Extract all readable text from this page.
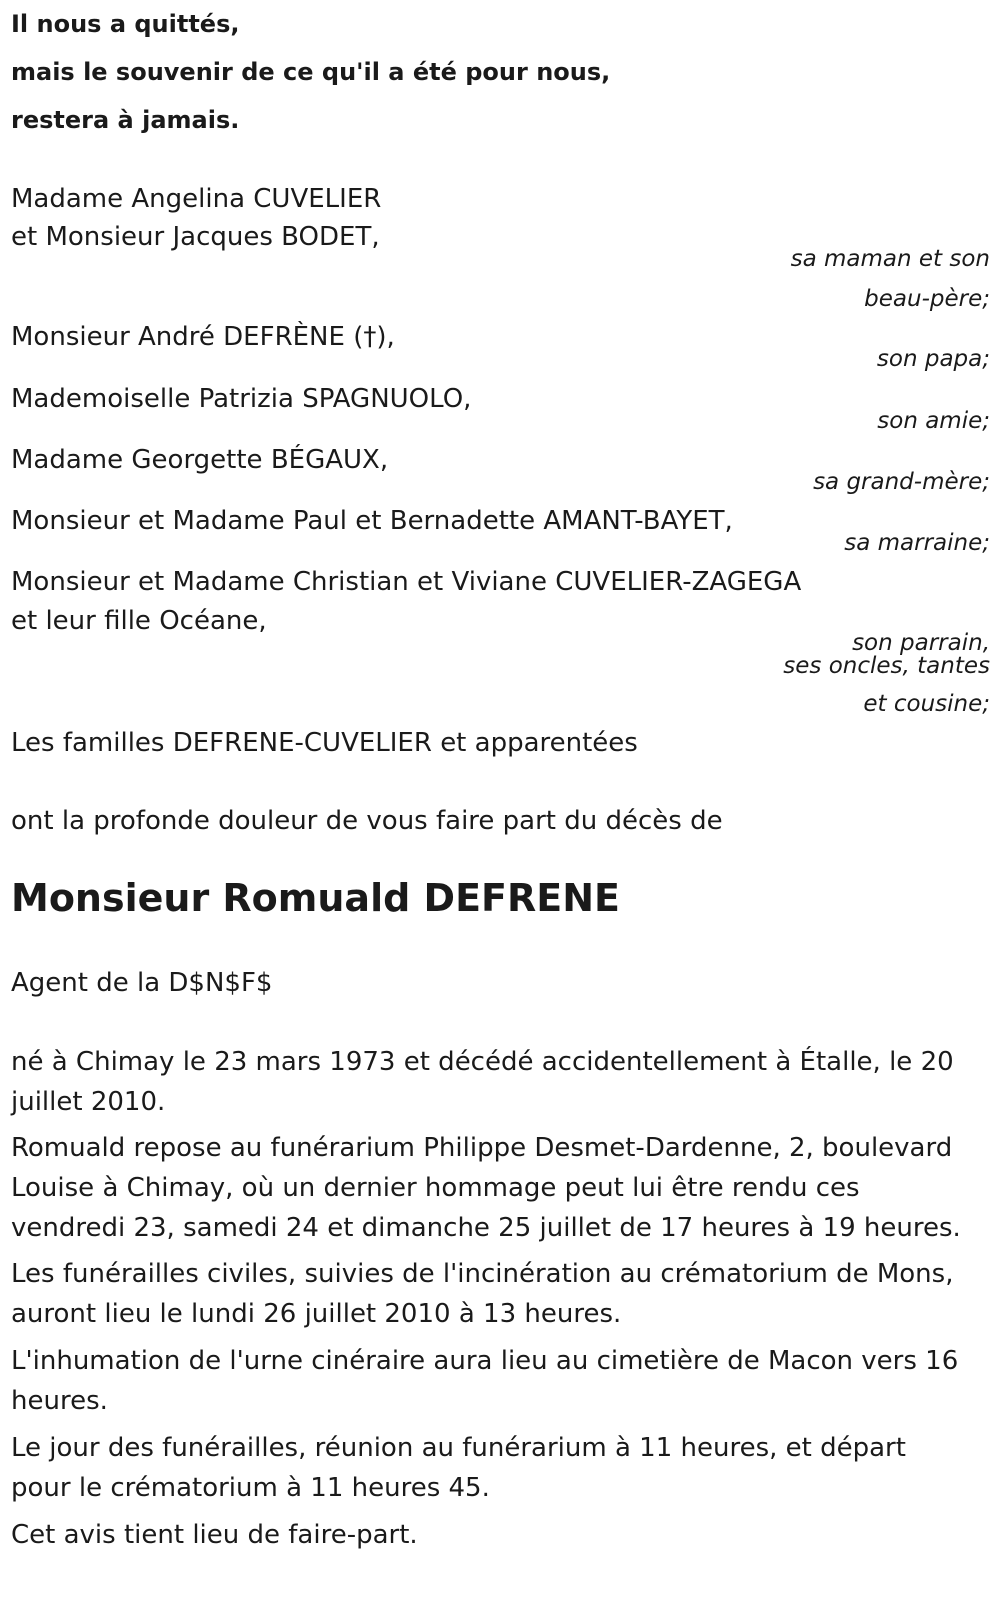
Il nous a quittés,
mais le souvenir de ce qu'il a été pour nous,
restera à jamais.
Madame Angelina CUVELIER
et Monsieur Jacques BODET,
sa maman et son
beau-père;
Monsieur André DEFRÈNE (†),
son papa;
Mademoiselle Patrizia SPAGNUOLO,
son amie;
Madame Georgette BÉGAUX,
sa grand-mère;
Monsieur et Madame Paul et Bernadette AMANT-BAYET,
sa marraine;
Monsieur et Madame Christian et Viviane CUVELIER-ZAGEGA
et leur fille Océane,
son parrain,
ses oncles, tantes
et cousine;
Les familles DEFRENE-CUVELIER et apparentées
ont la profonde douleur de vous faire part du décès de
Monsieur Romuald DEFRENE
Agent de la D$N$F$
né à Chimay le 23 mars 1973 et décédé accidentellement à Étalle, le 20 juillet 2010.
Romuald repose au funérarium Philippe Desmet-Dardenne, 2, boulevard Louise à Chimay, où un dernier hommage peut lui être rendu ces vendredi 23, samedi 24 et dimanche 25 juillet de 17 heures à 19 heures.
Les funérailles civiles, suivies de l'incinération au crématorium de Mons, auront lieu le lundi 26 juillet 2010 à 13 heures.
L'inhumation de l'urne cinéraire aura lieu au cimetière de Macon vers 16 heures.
Le jour des funérailles, réunion au funérarium à 11 heures, et départ pour le crématorium à 11 heures 45.
Cet avis tient lieu de faire-part.
